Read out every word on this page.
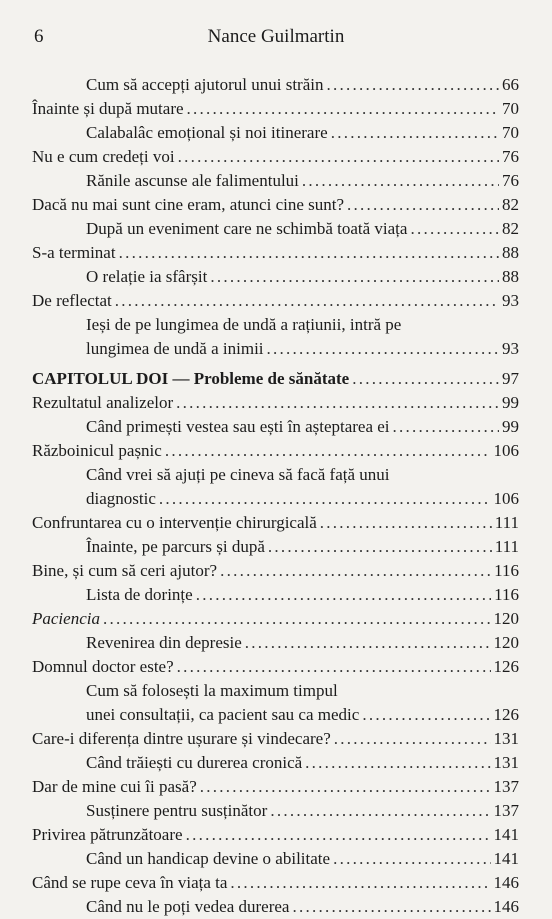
6	Nance Guilmartin
Cum să accepți ajutorul unui străin . . .	66
Înainte și după mutare . . .	70
Calabalâc emoțional și noi itinerare . . .	70
Nu e cum credeți voi . . .	76
Rănile ascunse ale falimentului . . .	76
Dacă nu mai sunt cine eram, atunci cine sunt? . . .	82
După un eveniment care ne schimbă toată viața . . .	82
S-a terminat . . .	88
O relație ia sfârșit . . .	88
De reflectat . . .	93
Ieși de pe lungimea de undă a rațiunii, intră pe
lungimea de undă a inimii . . .	93
CAPITOLUL DOI — Probleme de sănătate . . .	97
Rezultatul analizelor . . .	99
Când primești vestea sau ești în așteptarea ei . . .	99
Războinicul pașnic . . .	106
Când vrei să ajuți pe cineva să facă față unui
diagnostic . . .	106
Confruntarea cu o intervenție chirurgicală . . .	111
Înainte, pe parcurs și după . . .	111
Bine, și cum să ceri ajutor? . . .	116
Lista de dorințe . . .	116
Paciencia . . .	120
Revenirea din depresie . . .	120
Domnul doctor este? . . .	126
Cum să folosești la maximum timpul
unei consultații, ca pacient sau ca medic . . .	126
Care-i diferența dintre ușurare și vindecare? . . .	131
Când trăiești cu durerea cronică . . .	131
Dar de mine cui îi pasă? . . .	137
Susținere pentru susținător . . .	137
Privirea pătrunzătoare . . .	141
Când un handicap devine o abilitate . . .	141
Când se rupe ceva în viața ta . . .	146
Când nu le poți vedea durerea . . .	146
